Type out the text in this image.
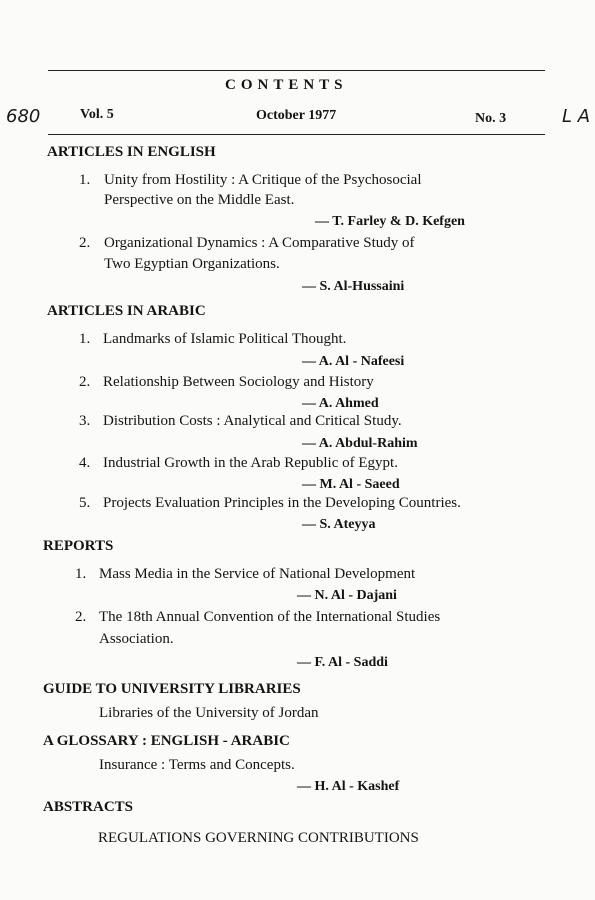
CONTENTS
680	Vol. 5	October 1977	No. 3	L A
ARTICLES IN ENGLISH
1. Unity from Hostility : A Critique of the Psychosocial
Perspective on the Middle East.
— T. Farley & D. Kefgen
2. Organizational Dynamics : A Comparative Study of
Two Egyptian Organizations.
— S. Al-Hussaini
ARTICLES IN ARABIC
1. Landmarks of Islamic Political Thought.
— A. Al - Nafeesi
2. Relationship Between Sociology and History
— A. Ahmed
3. Distribution Costs : Analytical and Critical Study.
— A. Abdul-Rahim
4. Industrial Growth in the Arab Republic of Egypt.
— M. Al - Saeed
5. Projects Evaluation Principles in the Developing Countries.
— S. Ateyya
REPORTS
1. Mass Media in the Service of National Development
— N. Al - Dajani
2. The 18th Annual Convention of the International Studies
Association.
— F. Al - Saddi
GUIDE TO UNIVERSITY LIBRARIES
Libraries of the University of Jordan
A GLOSSARY : ENGLISH - ARABIC
Insurance : Terms and Concepts.
— H. Al - Kashef
ABSTRACTS
REGULATIONS GOVERNING CONTRIBUTIONS
